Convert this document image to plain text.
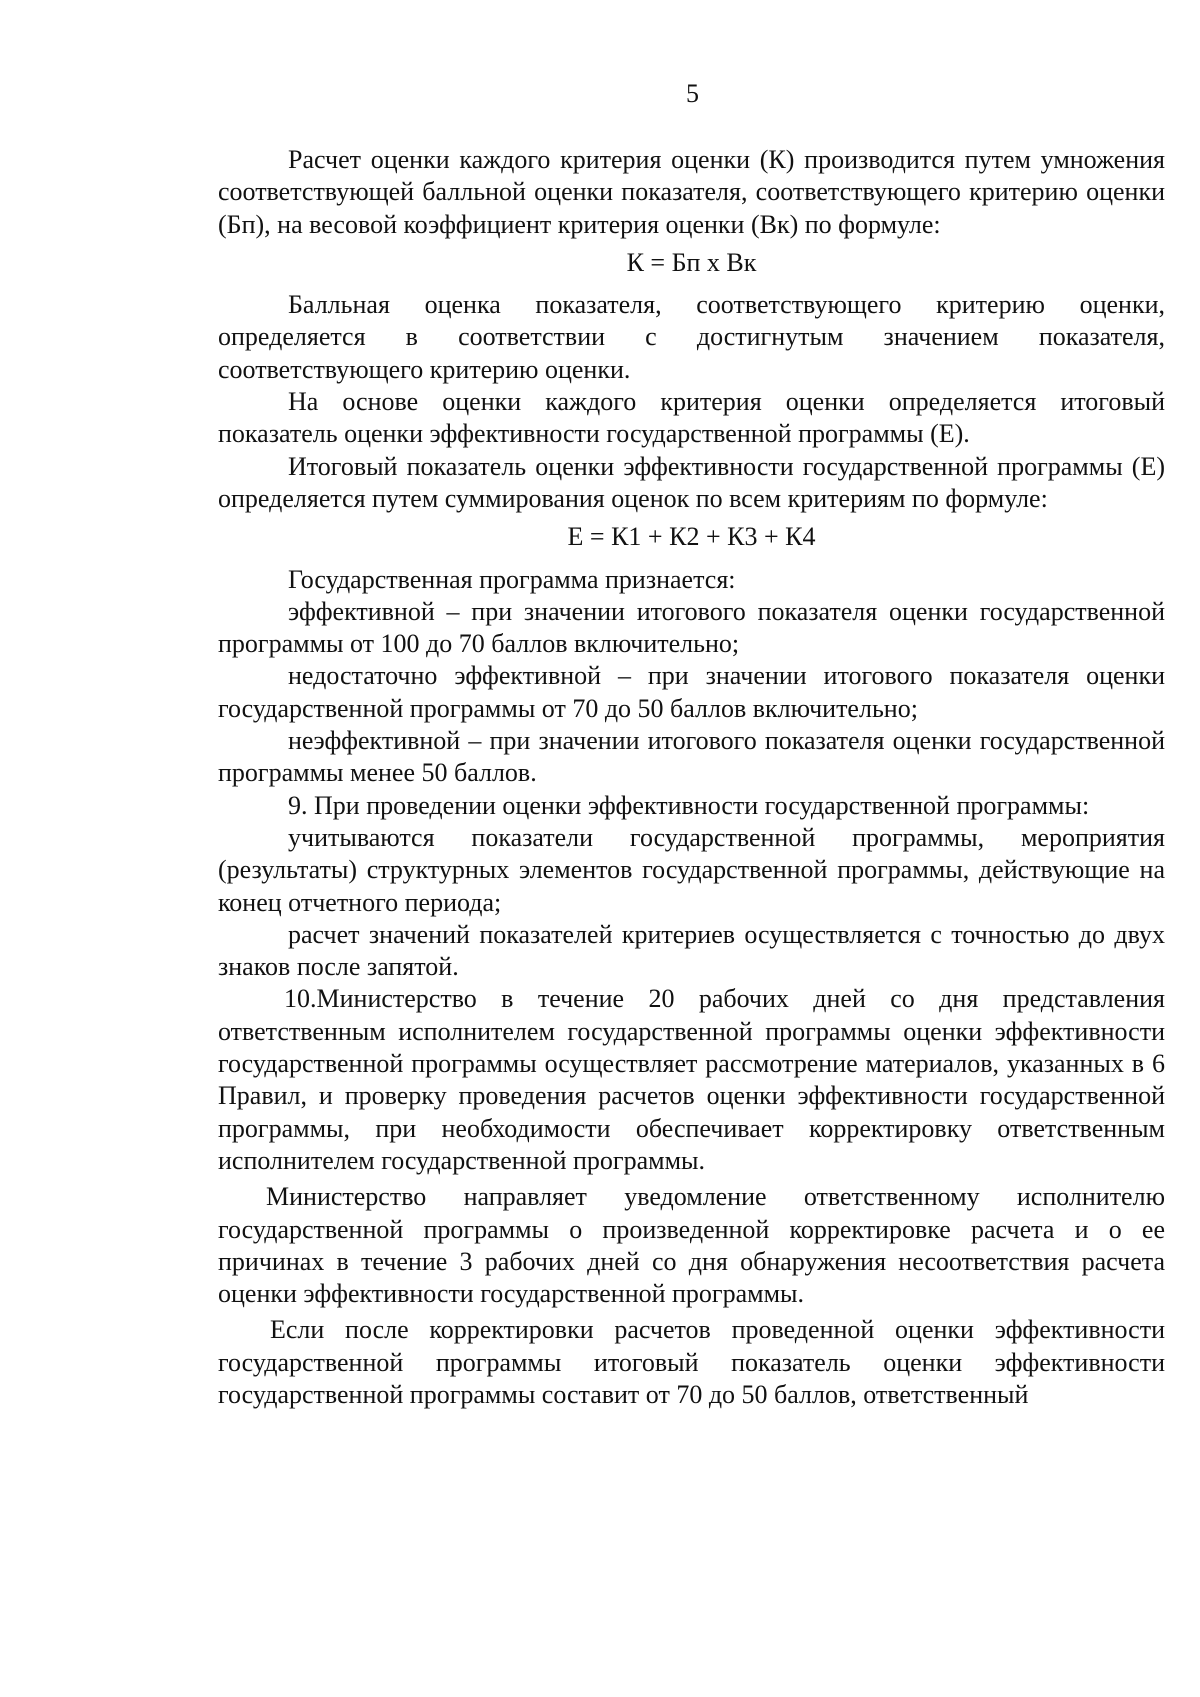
5

Расчет оценки каждого критерия оценки (К) производится путем умножения соответствующей балльной оценки показателя, соответствующего критерию оценки (Бп), на весовой коэффициент критерия оценки (Вк) по формуле:

К = Бп х Вк

Балльная оценка показателя, соответствующего критерию оценки, определяется в соответствии с достигнутым значением показателя, соответствующего критерию оценки.

На основе оценки каждого критерия оценки определяется итоговый показатель оценки эффективности государственной программы (Е).

Итоговый показатель оценки эффективности государственной программы (Е) определяется путем суммирования оценок по всем критериям по формуле:

Е = К1 + К2 + К3 + К4

Государственная программа признается:

эффективной – при значении итогового показателя оценки государственной программы от 100 до 70 баллов включительно;

недостаточно эффективной – при значении итогового показателя оценки государственной программы от 70 до 50 баллов включительно;

неэффективной – при значении итогового показателя оценки государственной программы менее 50 баллов.

9. При проведении оценки эффективности государственной программы:

учитываются показатели государственной программы, мероприятия (результаты) структурных элементов государственной программы, действующие на конец отчетного периода;

расчет значений показателей критериев осуществляется с точностью до двух знаков после запятой.

10.Министерство в течение 20 рабочих дней со дня представления ответственным исполнителем государственной программы оценки эффективности государственной программы осуществляет рассмотрение материалов, указанных в 6 Правил, и проверку проведения расчетов оценки эффективности государственной программы, при необходимости обеспечивает корректировку ответственным исполнителем государственной программы.

Министерство направляет уведомление ответственному исполнителю государственной программы о произведенной корректировке расчета и о ее причинах в течение 3 рабочих дней со дня обнаружения несоответствия расчета оценки эффективности государственной программы.

Если после корректировки расчетов проведенной оценки эффективности государственной программы итоговый показатель оценки эффективности государственной программы составит от 70 до 50 баллов, ответственный
